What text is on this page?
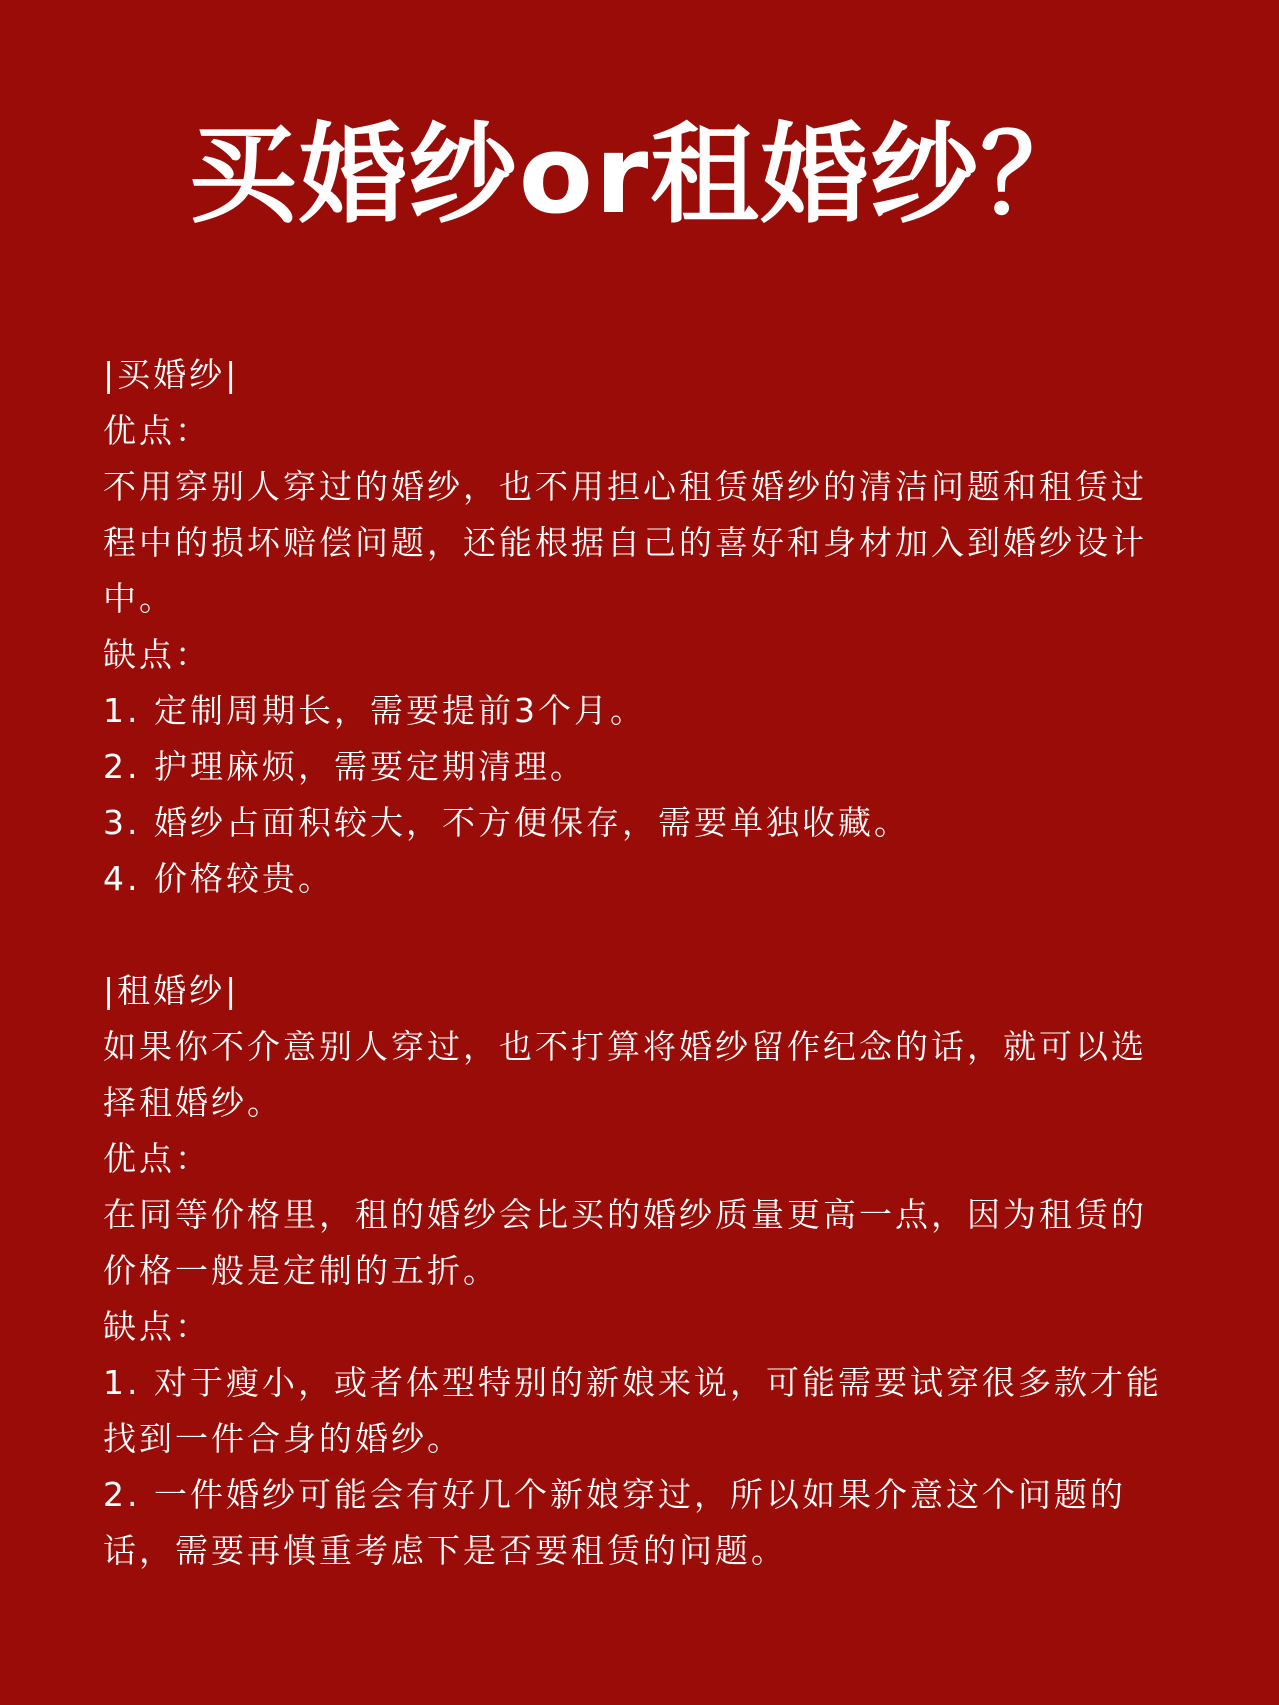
买婚纱or租婚纱？

|买婚纱|

优点：

不用穿别人穿过的婚纱，也不用担心租赁婚纱的清洁问题和租赁过程中的损坏赔偿问题，还能根据自己的喜好和身材加入到婚纱设计中。

缺点：

1. 定制周期长，需要提前3个月。

2. 护理麻烦，需要定期清理。

3. 婚纱占面积较大，不方便保存，需要单独收藏。

4. 价格较贵。

|租婚纱|

如果你不介意别人穿过，也不打算将婚纱留作纪念的话，就可以选择租婚纱。

优点：

在同等价格里，租的婚纱会比买的婚纱质量更高一点，因为租赁的价格一般是定制的五折。

缺点：

1. 对于瘦小，或者体型特别的新娘来说，可能需要试穿很多款才能找到一件合身的婚纱。

2. 一件婚纱可能会有好几个新娘穿过，所以如果介意这个问题的话，需要再慎重考虑下是否要租赁的问题。
